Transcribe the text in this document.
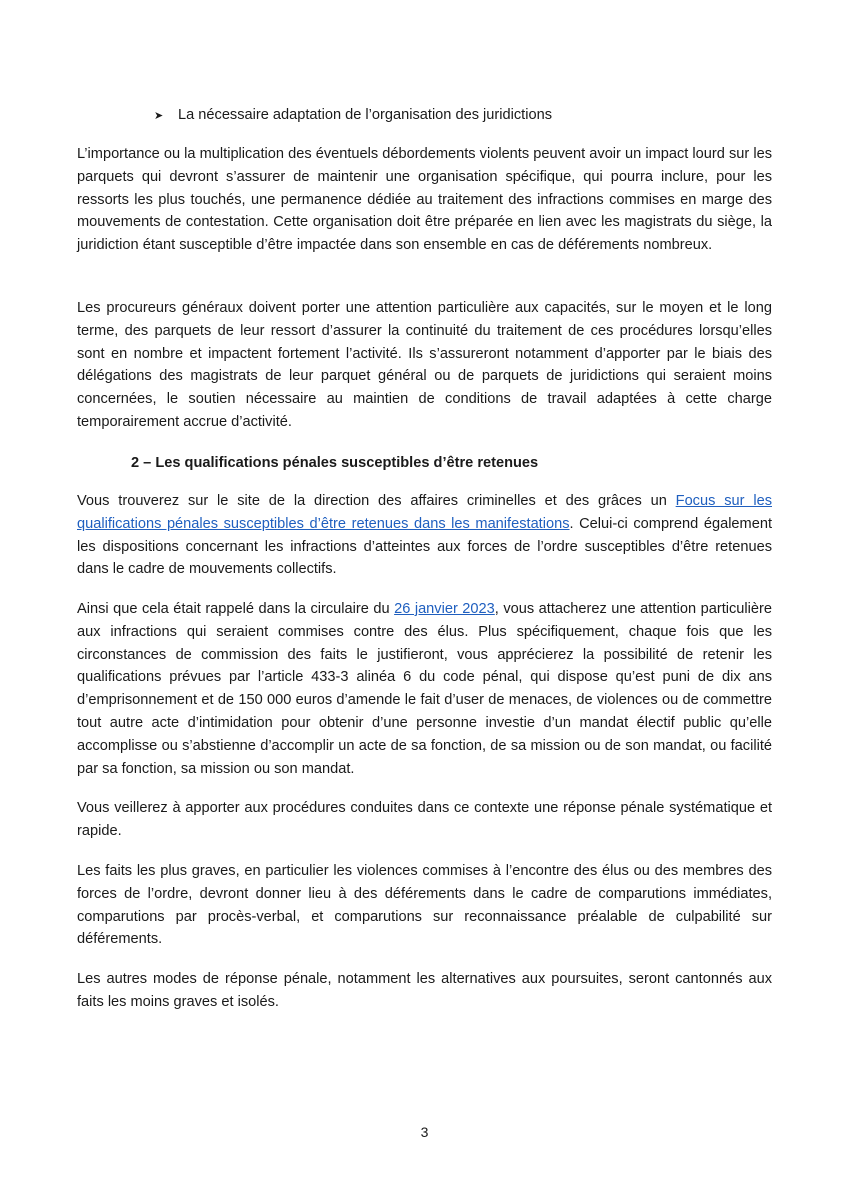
➤ La nécessaire adaptation de l’organisation des juridictions

L’importance ou la multiplication des éventuels débordements violents peuvent avoir un impact lourd sur les parquets qui devront s’assurer de maintenir une organisation spécifique, qui pourra inclure, pour les ressorts les plus touchés, une permanence dédiée au traitement des infractions commises en marge des mouvements de contestation. Cette organisation doit être préparée en lien avec les magistrats du siège, la juridiction étant susceptible d’être impactée dans son ensemble en cas de déférements nombreux.

Les procureurs généraux doivent porter une attention particulière aux capacités, sur le moyen et le long terme, des parquets de leur ressort d’assurer la continuité du traitement de ces procédures lorsqu’elles sont en nombre et impactent fortement l’activité. Ils s’assureront notamment d’apporter par le biais des délégations des magistrats de leur parquet général ou de parquets de juridictions qui seraient moins concernées, le soutien nécessaire au maintien de conditions de travail adaptées à cette charge temporairement accrue d’activité.

2 – Les qualifications pénales susceptibles d’être retenues

Vous trouverez sur le site de la direction des affaires criminelles et des grâces un Focus sur les qualifications pénales susceptibles d’être retenues dans les manifestations. Celui-ci comprend également les dispositions concernant les infractions d’atteintes aux forces de l’ordre susceptibles d’être retenues dans le cadre de mouvements collectifs.

Ainsi que cela était rappelé dans la circulaire du 26 janvier 2023, vous attacherez une attention particulière aux infractions qui seraient commises contre des élus. Plus spécifiquement, chaque fois que les circonstances de commission des faits le justifieront, vous apprécierez la possibilité de retenir les qualifications prévues par l’article 433-3 alinéa 6 du code pénal, qui dispose qu’est puni de dix ans d’emprisonnement et de 150 000 euros d’amende le fait d’user de menaces, de violences ou de commettre tout autre acte d’intimidation pour obtenir d’une personne investie d’un mandat électif public qu’elle accomplisse ou s’abstienne d’accomplir un acte de sa fonction, de sa mission ou de son mandat, ou facilité par sa fonction, sa mission ou son mandat.

Vous veillerez à apporter aux procédures conduites dans ce contexte une réponse pénale systématique et rapide.

Les faits les plus graves, en particulier les violences commises à l’encontre des élus ou des membres des forces de l’ordre, devront donner lieu à des déférements dans le cadre de comparutions immédiates, comparutions par procès-verbal, et comparutions sur reconnaissance préalable de culpabilité sur déférements.

Les autres modes de réponse pénale, notamment les alternatives aux poursuites, seront cantonnés aux faits les moins graves et isolés.

3
